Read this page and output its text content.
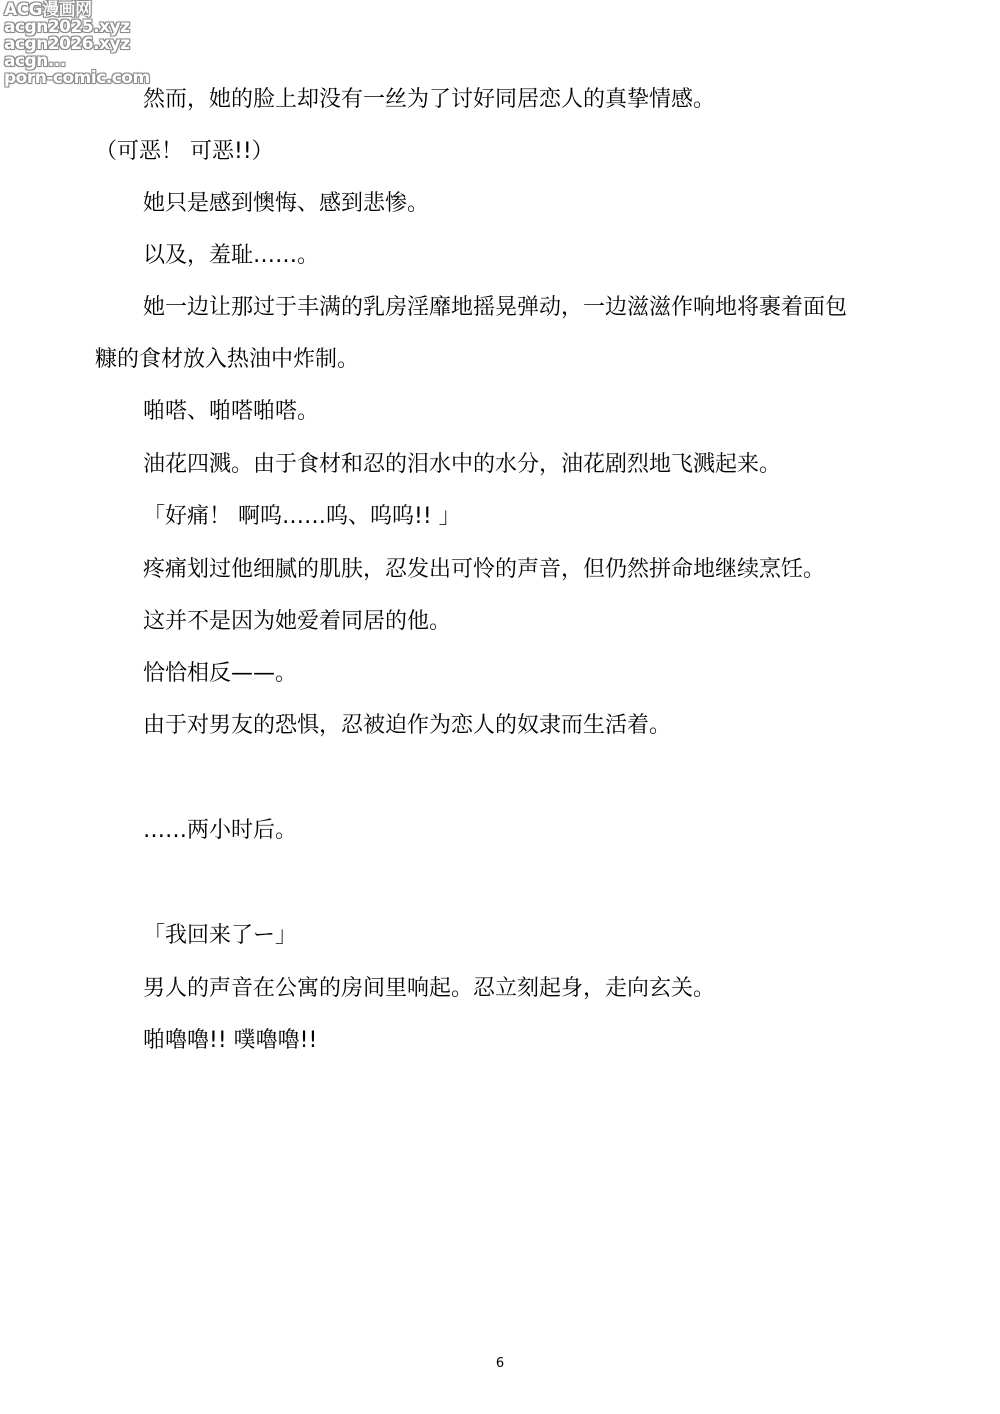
ACG漫画网
acgn2025.xyz
acgn2026.xyz
acgn...
porn-comic.com

然而，她的脸上却没有一丝为了讨好同居恋人的真挚情感。

（可恶！ 可恶!!）

她只是感到懊悔、感到悲惨。

以及，羞耻……。

她一边让那过于丰满的乳房淫靡地摇晃弹动，一边滋滋作响地将裹着面包

糠的食材放入热油中炸制。

啪嗒、啪嗒啪嗒。

油花四溅。由于食材和忍的泪水中的水分，油花剧烈地飞溅起来。

「好痛！ 啊呜……呜、呜呜!! 」

疼痛划过他细腻的肌肤，忍发出可怜的声音，但仍然拼命地继续烹饪。

这并不是因为她爱着同居的他。

恰恰相反——。

由于对男友的恐惧，忍被迫作为恋人的奴隶而生活着。

……两小时后。

「我回来了ー」

男人的声音在公寓的房间里响起。忍立刻起身，走向玄关。

啪嚕嚕!! 噗嚕嚕!!

6
